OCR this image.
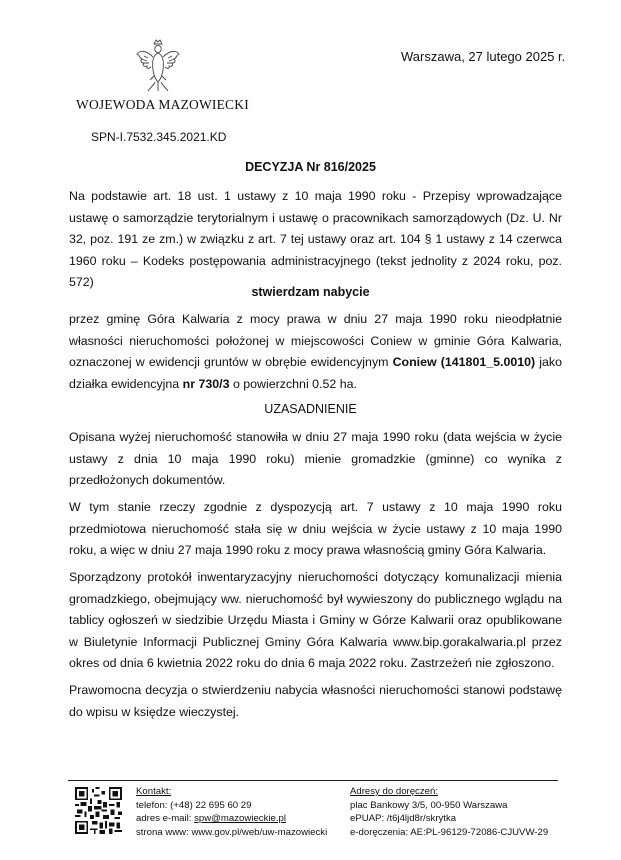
Warszawa, 27 lutego 2025 r.
WOJEWODA MAZOWIECKI
SPN-I.7532.345.2021.KD
DECYZJA Nr 816/2025
Na podstawie art. 18 ust. 1 ustawy z 10 maja 1990 roku - Przepisy wprowadzające ustawę o samorządzie terytorialnym i ustawę o pracownikach samorządowych (Dz. U. Nr 32, poz. 191 ze zm.) w związku z art. 7 tej ustawy oraz art. 104 § 1 ustawy z 14 czerwca 1960 roku – Kodeks postępowania administracyjnego (tekst jednolity z 2024 roku, poz. 572)
stwierdzam nabycie
przez gminę Góra Kalwaria z mocy prawa w dniu 27 maja 1990 roku nieodpłatnie własności nieruchomości położonej w miejscowości Coniew w gminie Góra Kalwaria, oznaczonej w ewidencji gruntów w obrębie ewidencyjnym Coniew (141801_5.0010) jako działka ewidencyjna nr 730/3 o powierzchni 0.52 ha.
UZASADNIENIE
Opisana wyżej nieruchomość stanowiła w dniu 27 maja 1990 roku (data wejścia w życie ustawy z dnia 10 maja 1990 roku) mienie gromadzkie (gminne) co wynika z przedłożonych dokumentów.
W tym stanie rzeczy zgodnie z dyspozycją art. 7 ustawy z 10 maja 1990 roku przedmiotowa nieruchomość stała się w dniu wejścia w życie ustawy z 10 maja 1990 roku, a więc w dniu 27 maja 1990 roku z mocy prawa własnością gminy Góra Kalwaria.
Sporządzony protokół inwentaryzacyjny nieruchomości dotyczący komunalizacji mienia gromadzkiego, obejmujący ww. nieruchomość był wywieszony do publicznego wglądu na tablicy ogłoszeń w siedzibie Urzędu Miasta i Gminy w Górze Kalwarii oraz opublikowane w Biuletynie Informacji Publicznej Gminy Góra Kalwaria www.bip.gorakalwaria.pl przez okres od dnia 6 kwietnia 2022 roku do dnia 6 maja 2022 roku. Zastrzeżeń nie zgłoszono.
Prawomocna decyzja o stwierdzeniu nabycia własności nieruchomości stanowi podstawę do wpisu w księdze wieczystej.
Kontakt:
telefon: (+48) 22 695 60 29
adres e-mail: spw@mazowieckie.pl
strona www: www.gov.pl/web/uw-mazowiecki
Adresy do doręczeń:
plac Bankowy 3/5, 00-950 Warszawa
ePUAP: /t6j4ljd8r/skrytka
e-doręczenia: AE:PL-96129-72086-CJUVW-29
